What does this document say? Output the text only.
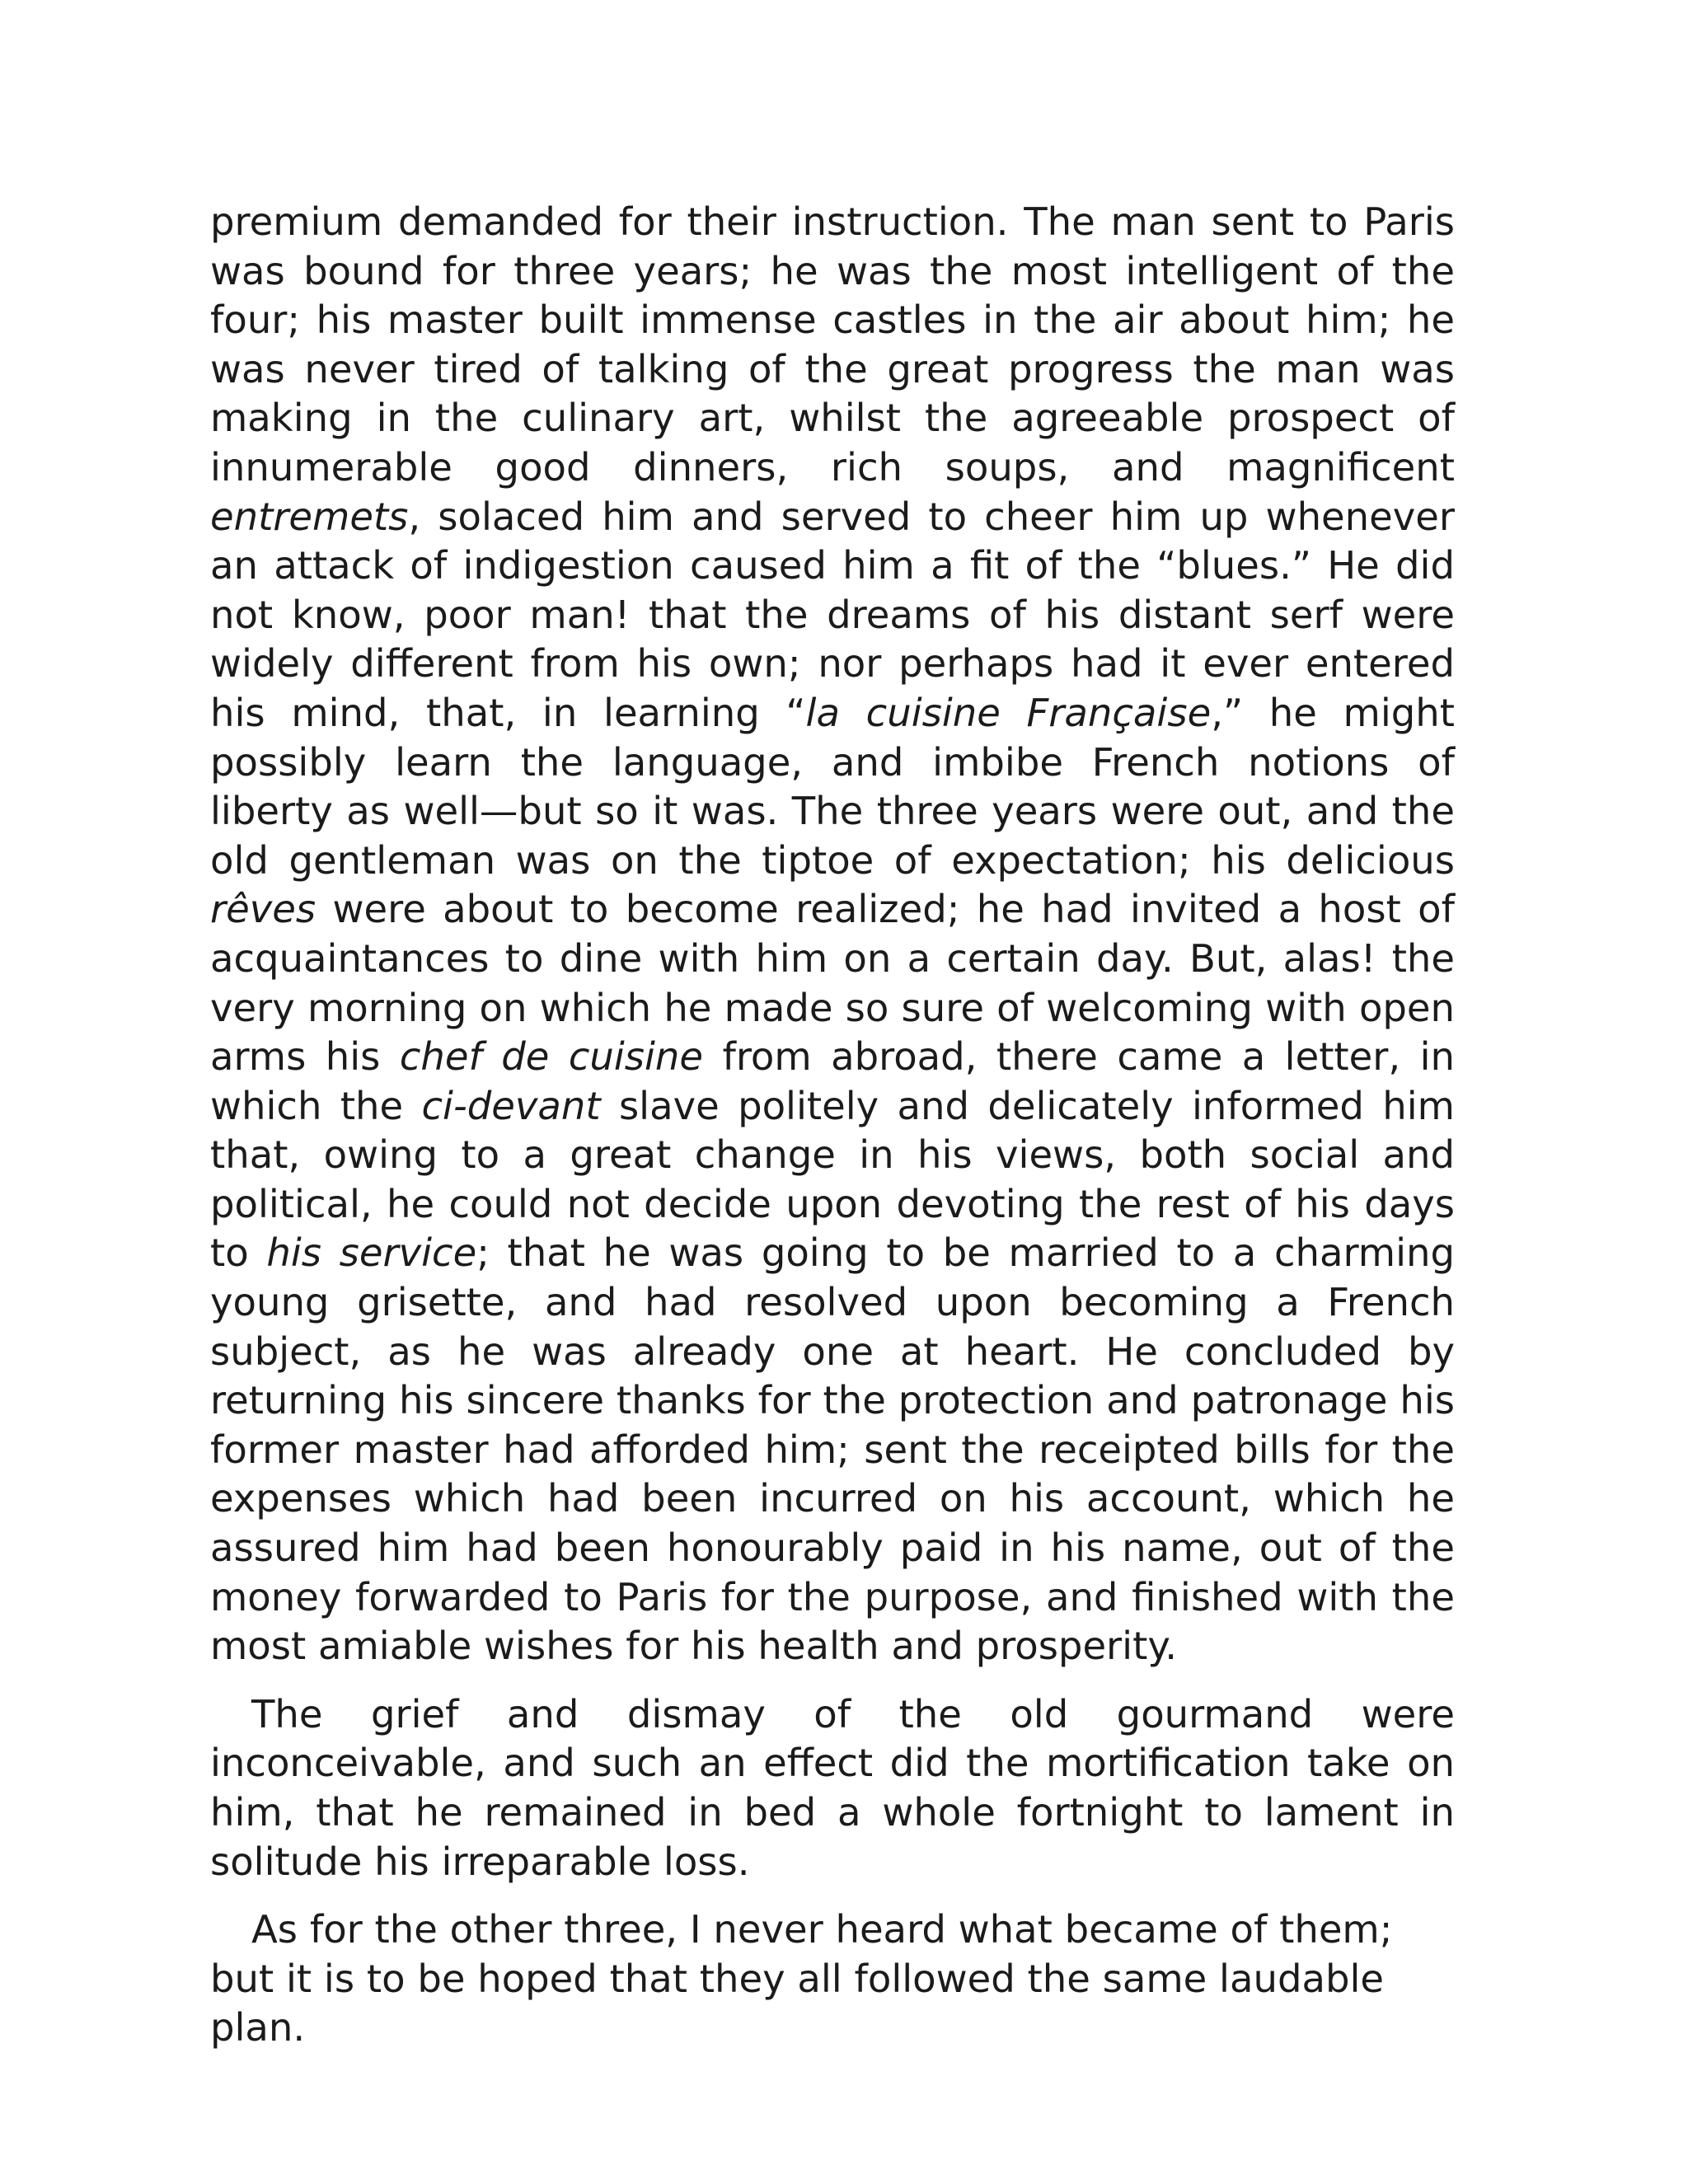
premium demanded for their instruction. The man sent to Paris was bound for three years; he was the most intelligent of the four; his master built immense castles in the air about him; he was never tired of talking of the great progress the man was making in the culinary art, whilst the agreeable prospect of innumerable good dinners, rich soups, and magnificent entremets, solaced him and served to cheer him up whenever an attack of indigestion caused him a fit of the “blues.” He did not know, poor man! that the dreams of his distant serf were widely different from his own; nor perhaps had it ever entered his mind, that, in learning “la cuisine Française,” he might possibly learn the language, and imbibe French notions of liberty as well—but so it was. The three years were out, and the old gentleman was on the tiptoe of expectation; his delicious rêves were about to become realized; he had invited a host of acquaintances to dine with him on a certain day. But, alas! the very morning on which he made so sure of welcoming with open arms his chef de cuisine from abroad, there came a letter, in which the ci-devant slave politely and delicately informed him that, owing to a great change in his views, both social and political, he could not decide upon devoting the rest of his days to his service; that he was going to be married to a charming young grisette, and had resolved upon becoming a French subject, as he was already one at heart. He concluded by returning his sincere thanks for the protection and patronage his former master had afforded him; sent the receipted bills for the expenses which had been incurred on his account, which he assured him had been honourably paid in his name, out of the money forwarded to Paris for the purpose, and finished with the most amiable wishes for his health and prosperity.

The grief and dismay of the old gourmand were inconceivable, and such an effect did the mortification take on him, that he remained in bed a whole fortnight to lament in solitude his irreparable loss.

As for the other three, I never heard what became of them; but it is to be hoped that they all followed the same laudable plan.
